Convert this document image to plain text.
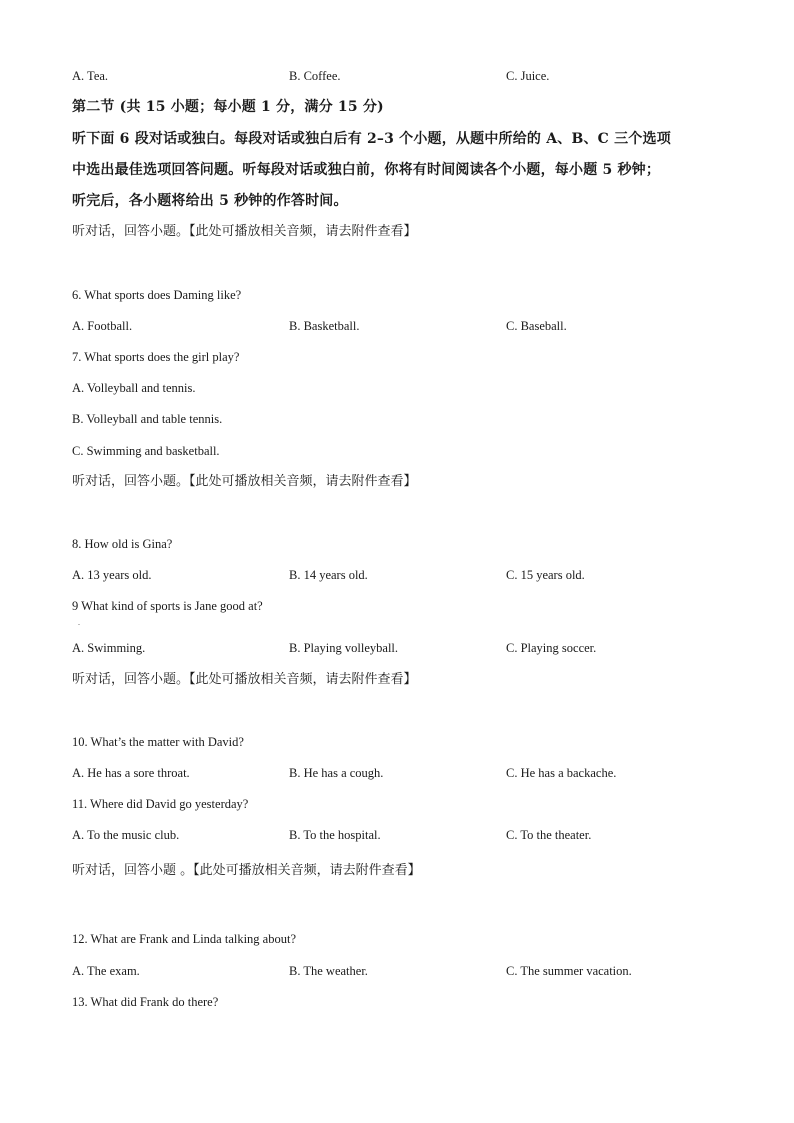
A. Tea.	B. Coffee.	C. Juice.
第二节 (共 15 小题；每小题 1 分，满分 15 分)
听下面 6 段对话或独白。每段对话或独白后有 2–3 个小题，从题中所给的 A、B、C 三个选项
中选出最佳选项回答问题。听每段对话或独白前，你将有时间阅读各个小题，每小题 5 秒钟；
听完后，各小题将给出 5 秒钟的作答时间。
听对话，回答小题。【此处可播放相关音频，请去附件查看】
6. What sports does Daming like?
A. Football.	B. Basketball.	C. Baseball.
7. What sports does the girl play?
A. Volleyball and tennis.
B. Volleyball and table tennis.
C. Swimming and basketball.
听对话，回答小题。【此处可播放相关音频，请去附件查看】
8. How old is Gina?
A. 13 years old.	B. 14 years old.	C. 15 years old.
9 What kind of sports is Jane good at?
.
A. Swimming.	B. Playing volleyball.	C. Playing soccer.
听对话，回答小题。【此处可播放相关音频，请去附件查看】
10. What’s the matter with David?
A. He has a sore throat.	B. He has a cough.	C. He has a backache.
11. Where did David go yesterday?
A. To the music club.	B. To the hospital.	C. To the theater.
听对话，回答小题 。【此处可播放相关音频，请去附件查看】
12. What are Frank and Linda talking about?
A. The exam.	B. The weather.	C. The summer vacation.
13. What did Frank do there?
